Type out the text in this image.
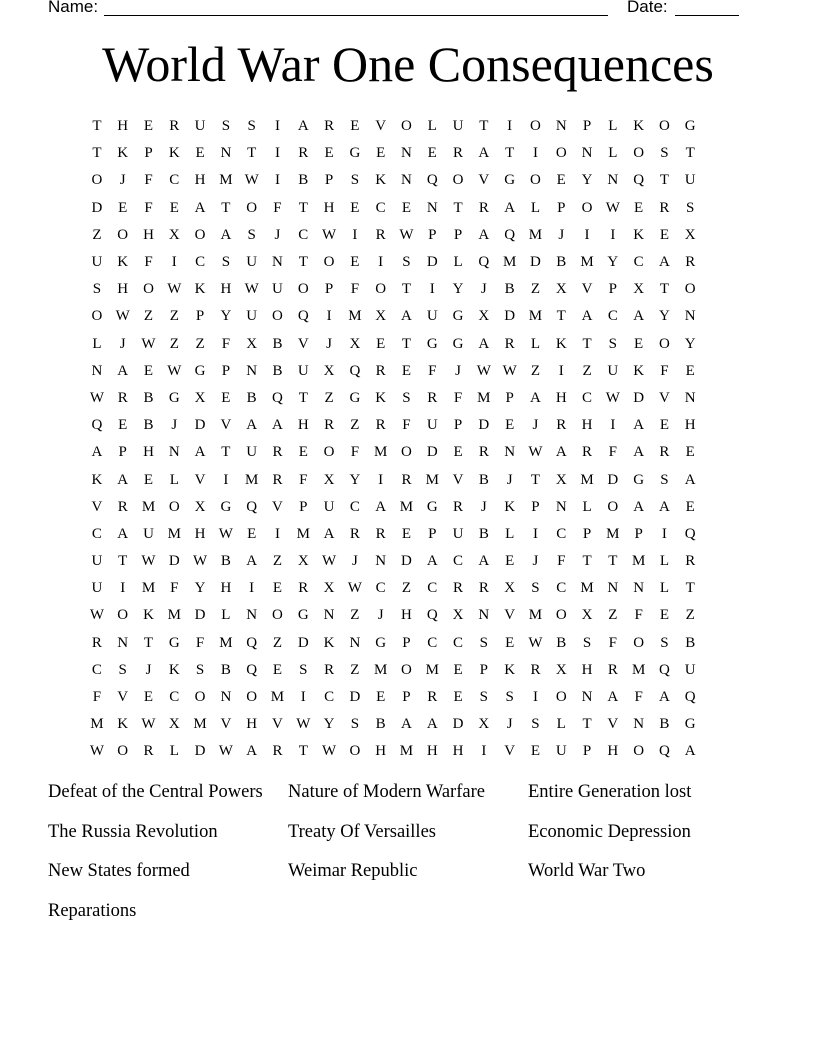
Name:	Date:
World War One Consequences
T	H	E	R	U	S	S	I	A	R	E	V O	L	U	T	I	O N	P	L	K O G
T	K	P	K	E	N	T	I	R	E	G	E	N	E	R	A	T	I	O N	L	O	S	T
O	J	F	C	H M W	I	B	P	S	K N Q O V G O	E	Y N Q	T	U
D	E	F	E	A	T	O	F	T	H	E	C	E	N	T	R	A	L	P	O W E	R	S
Z	O H X O A	S	J	C W	I	R W P	P	A Q M	J	I	I	K	E	X
U K	F	I	C	S	U N	T	O	E	I	S	D	L	Q M D	B M Y	C	A	R
S	H O W K H W U O	P	F	O	T	I	Y	J	B	Z	X V	P	X	T	O
O W Z	Z	P	Y U O Q	I	M X A U G X D M T	A	C	A Y N
L	J	W Z	Z	F	X	B	V	J	X	E	T	G G A	R	L	K	T	S	E	O Y
N A	E W G	P	N	B	U X Q	R	E	F	J	W W Z	I	Z	U K	F	E
W R	B	G X	E	B	Q	T	Z	G K	S	R	F M P	A H	C W D V N
Q	E	B	J	D V A A H	R	Z	R	F	U	P	D	E	J	R	H	I	A	E	H
A	P	H N A	T	U	R	E	O	F M O D	E	R	N W A	R	F	A	R	E
K A	E	L	V	I	M R	F	X Y	I	R M V	B	J	T	X M D G	S	A
V	R M O X G Q V	P	U	C	A M G	R	J	K	P	N	L	O A A	E
C	A U M H W E	I	M A	R	R	E	P	U	B	L	I	C	P M P	I	Q
U	T W D W B	A	Z	X W	J	N D A	C	A	E	J	F	T	T M L	R
U	I	M F	Y H	I	E	R	X W C	Z	C	R	R	X	S	C M N N	L	T
W O K M D	L	N O G N	Z	J	H Q X N V M O X	Z	F	E	Z
R	N	T	G	F M Q	Z	D K N G	P	C	C	S	E W B	S	F	O	S	B
C	S	J	K	S	B	Q	E	S	R	Z M O M E	P	K	R	X H	R M Q U
F	V	E	C	O N O M	I	C	D	E	P	R	E	S	S	I	O N A	F	A Q
M K W X M V H V W Y	S	B	A A D X	J	S	L	T	V N	B	G
W O	R	L	D W A	R	T W O H M H H	I	V	E	U	P	H O Q A
Defeat of the Central Powers	Nature of Modern Warfare	Entire Generation lost
The Russia Revolution	Treaty Of Versailles	Economic Depression
New States formed	Weimar Republic	World War Two
Reparations
